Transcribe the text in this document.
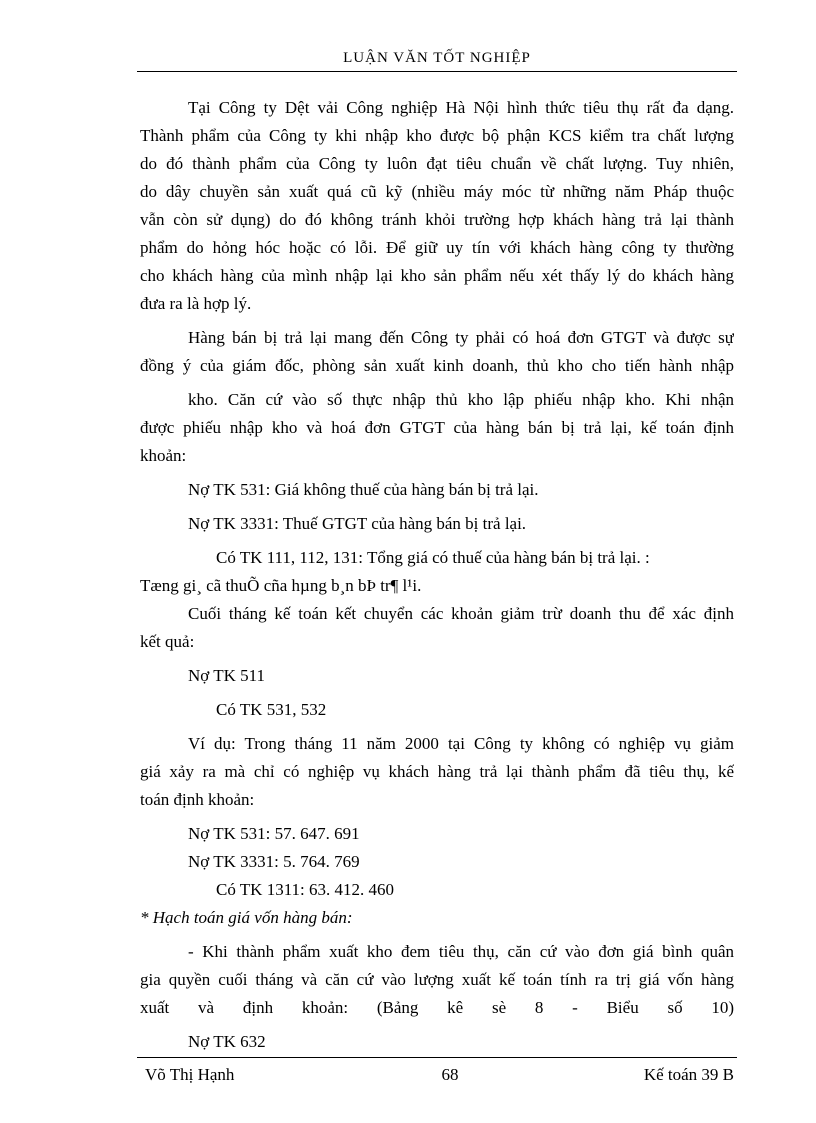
LUẬN VĂN TỐT NGHIỆP
Tại Công ty Dệt vải Công nghiệp Hà Nội hình thức tiêu thụ rất đa dạng.
Thành phẩm của Công ty khi nhập kho được bộ phận KCS kiểm tra chất lượng
do đó thành phẩm của Công ty luôn đạt tiêu chuẩn về chất lượng. Tuy nhiên,
do dây chuyền sản xuất quá cũ kỹ (nhiều máy móc từ những năm Pháp thuộc
vẫn còn sử dụng) do đó không tránh khỏi trường hợp khách hàng trả lại thành
phẩm do hỏng hóc hoặc có lỗi. Để giữ uy tín với khách hàng công ty thường
cho khách hàng của mình nhập lại kho sản phẩm nếu xét thấy lý do khách hàng
đưa ra là hợp lý.
Hàng bán bị trả lại mang đến Công ty phải có hoá đơn GTGT và được sự
đồng ý của giám đốc, phòng sản xuất kinh doanh, thủ kho cho tiến hành nhập
kho. Căn cứ vào số thực nhập thủ kho lập phiếu nhập kho. Khi nhận
được phiếu nhập kho và hoá đơn GTGT của hàng bán bị trả lại, kế toán định
khoản:
Nợ TK 531: Giá không thuế của hàng bán bị trả lại.
Nợ TK 3331: Thuế GTGT của hàng bán bị trả lại.
Có TK 111, 112, 131: Tổng giá có thuế của hàng bán bị trả lại. :
Tæng gi¸ cã thuÕ cña hµng b¸n bÞ tr¶ l¹i.
Cuối tháng kế toán kết chuyển các khoản giảm trừ doanh thu để xác định
kết quả:
Nợ TK 511
Có TK 531, 532
Ví dụ: Trong tháng 11 năm 2000 tại Công ty không có nghiệp vụ giảm
giá xảy ra mà chỉ có nghiệp vụ khách hàng trả lại thành phẩm đã tiêu thụ, kế
toán định khoản:
Nợ TK 531: 57. 647. 691
Nợ TK 3331: 5. 764. 769
Có TK 1311: 63. 412. 460
* Hạch toán giá vốn hàng bán:
- Khi thành phẩm xuất kho đem tiêu thụ, căn cứ vào đơn giá bình quân
gia quyền cuối tháng và căn cứ vào lượng xuất kế toán tính ra trị giá vốn hàng
xuất và định khoản: (Bảng kê sè 8 - Biểu số 10)
Nợ TK 632
Võ Thị Hạnh	68	Kế toán 39 B
